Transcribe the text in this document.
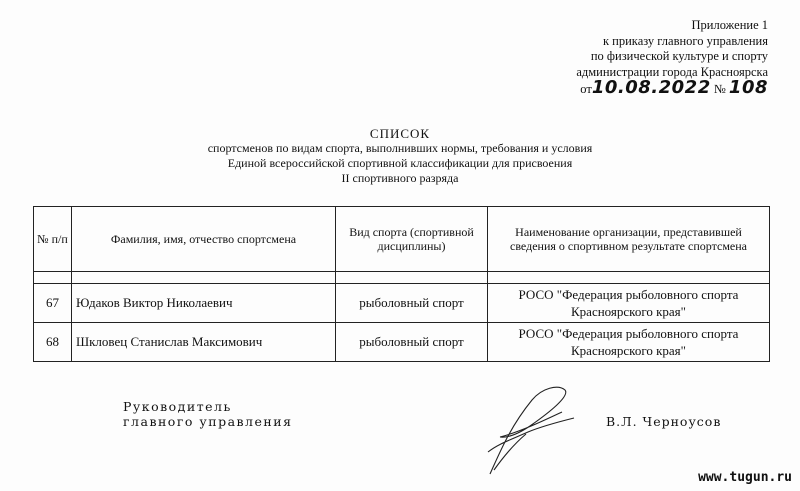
Приложение 1
к приказу главного управления
по физической культуре и спорту
администрации города Красноярска
от10.08.2022 № 108
СПИСОК
спортсменов по видам спорта, выполнивших нормы, требования и условия
Единой всероссийской спортивной классификации для присвоения
II спортивного разряда
№ п/п	Фамилия, имя, отчество спортсмена	Вид спорта (спортивной дисциплины)	Наименование организации, представившей сведения о спортивном результате спортсмена

67	Юдаков Виктор Николаевич	рыболовный спорт	РОСО "Федерация рыболовного спорта Красноярского края"
68	Шкловец Станислав Максимович	рыболовный спорт	РОСО "Федерация рыболовного спорта Красноярского края"
Руководитель
главного управления	В.Л. Черноусов
www.tugun.ru
